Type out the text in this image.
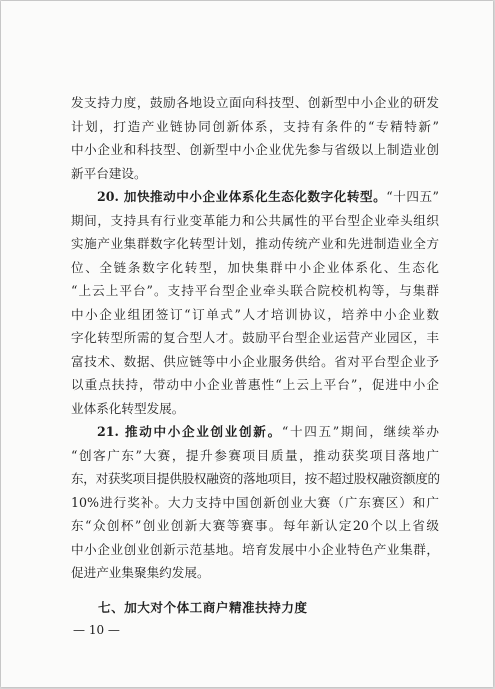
发支持力度，鼓励各地设立面向科技型、创新型中小企业的研发
计划，打造产业链协同创新体系，支持有条件的“专精特新”
中小企业和科技型、创新型中小企业优先参与省级以上制造业创
新平台建设。
20. 加快推动中小企业体系化生态化数字化转型。“十四五”
期间，支持具有行业变革能力和公共属性的平台型企业牵头组织
实施产业集群数字化转型计划，推动传统产业和先进制造业全方
位、全链条数字化转型，加快集群中小企业体系化、生态化
“上云上平台”。支持平台型企业牵头联合院校机构等，与集群
中小企业组团签订“订单式”人才培训协议，培养中小企业数
字化转型所需的复合型人才。鼓励平台型企业运营产业园区，丰
富技术、数据、供应链等中小企业服务供给。省对平台型企业予
以重点扶持，带动中小企业普惠性“上云上平台”，促进中小企
业体系化转型发展。
21. 推动中小企业创业创新。“十四五”期间，继续举办
“创客广东”大赛，提升参赛项目质量，推动获奖项目落地广
东，对获奖项目提供股权融资的落地项目，按不超过股权融资额度的
10%进行奖补。大力支持中国创新创业大赛（广东赛区）和广
东“众创杯”创业创新大赛等赛事。每年新认定20个以上省级
中小企业创业创新示范基地。培育发展中小企业特色产业集群，
促进产业集聚集约发展。
七、加大对个体工商户精准扶持力度
— 10 —
